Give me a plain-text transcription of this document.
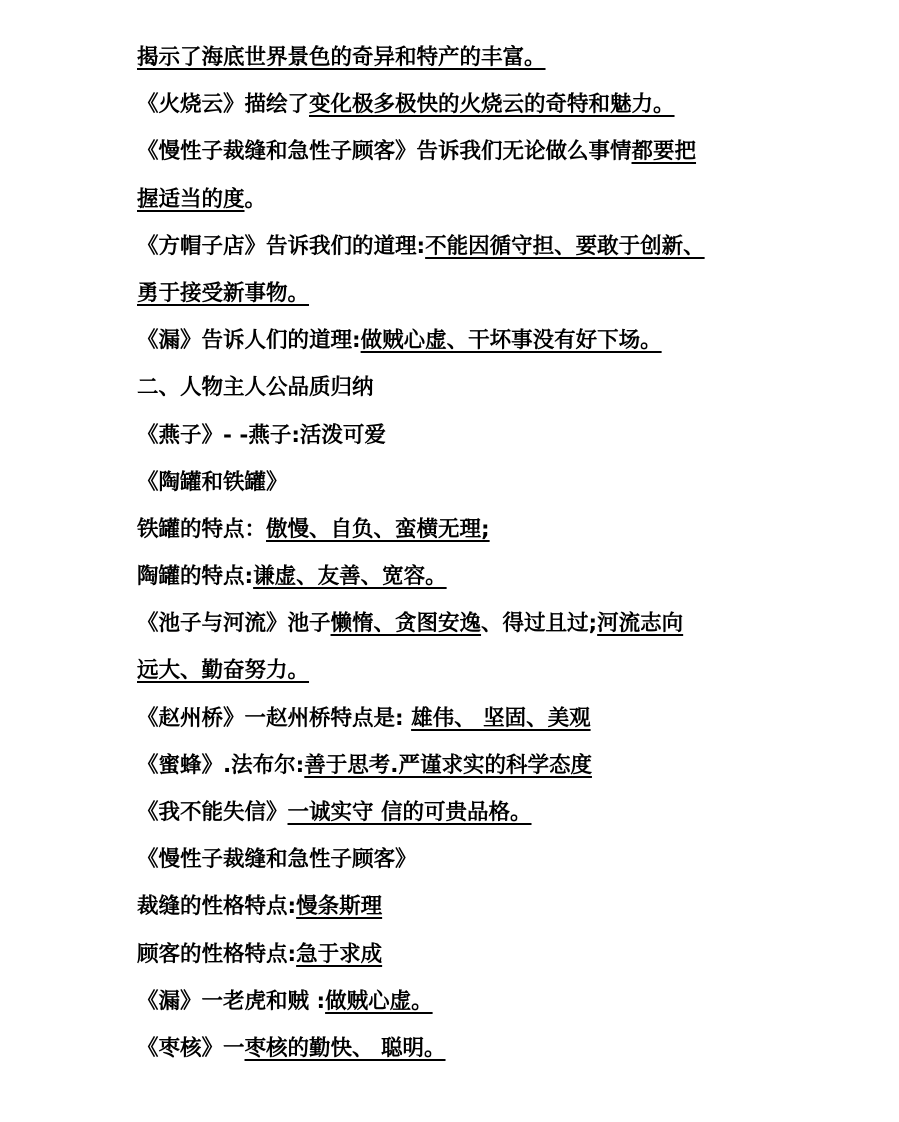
揭示了海底世界景色的奇异和特产的丰富。
《火烧云》描绘了变化极多极快的火烧云的奇特和魅力。
《慢性子裁缝和急性子顾客》告诉我们无论做么事情都要把
握适当的度。
《方帽子店》告诉我们的道理:不能因循守担、要敢于创新、
勇于接受新事物。
《漏》告诉人们的道理:做贼心虚、干坏事没有好下场。
二、人物主人公品质归纳
《燕子》- -燕子:活泼可爱
《陶罐和铁罐》
铁罐的特点：傲慢、自负、蛮横无理;
陶罐的特点:谦虚、友善、宽容。
《池子与河流》池子懒惰、贪图安逸、得过且过;河流志向
远大、勤奋努力。
《赵州桥》一赵州桥特点是: 雄伟、 坚固、美观
《蜜蜂》.法布尔:善于思考.严谨求实的科学态度
《我不能失信》一诚实守 信的可贵品格。
《慢性子裁缝和急性子顾客》
裁缝的性格特点:慢条斯理
顾客的性格特点:急于求成
《漏》一老虎和贼 :做贼心虚。
《枣核》一枣核的勤快、 聪明。
